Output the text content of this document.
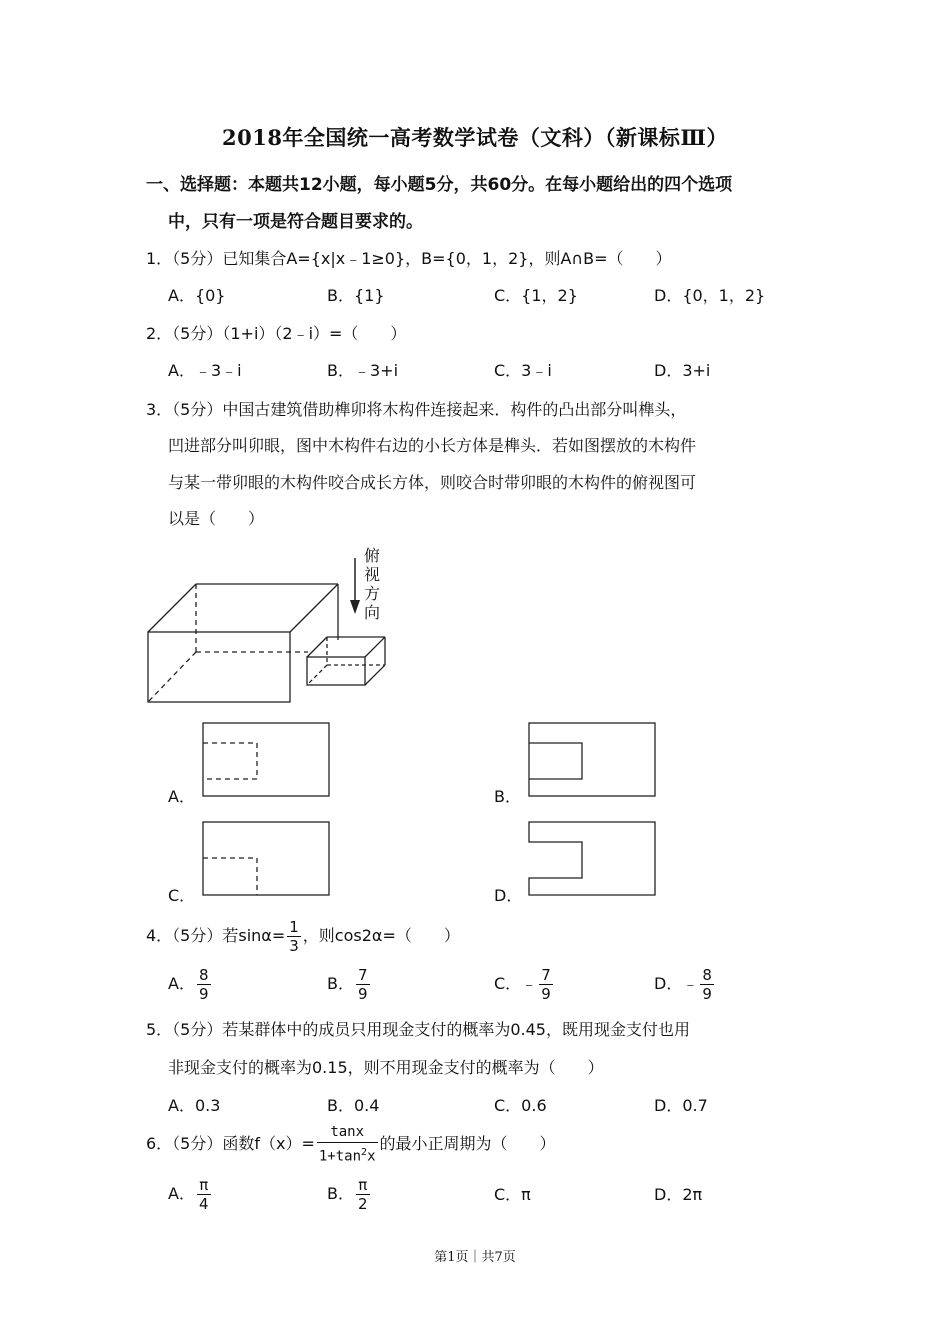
2018年全国统一高考数学试卷（文科）（新课标Ⅲ）
一、选择题：本题共12小题，每小题5分，共60分。在每小题给出的四个选项
中，只有一项是符合题目要求的。
1．（5分）已知集合A={x|x﹣1≥0}，B={0，1，2}，则A∩B=（　　）
A．{0}	B．{1}	C．{1，2}	D．{0，1，2}
2．（5分）（1+i）（2﹣i）=（　　）
A．﹣3﹣i	B．﹣3+i	C．3﹣i	D．3+i
3．（5分）中国古建筑借助榫卯将木构件连接起来．构件的凸出部分叫榫头，
凹进部分叫卯眼，图中木构件右边的小长方体是榫头．若如图摆放的木构件
与某一带卯眼的木构件咬合成长方体，则咬合时带卯眼的木构件的俯视图可
以是（　　）
俯
视
方
向
A．	B．
C．	D．
4．（5分）若$\sin\alpha= \frac{1}{3}$ ，则cos2α=（　　）
A． $\frac{8}{9}$	B． $\frac{7}{9}$	C．﹣ $\frac{7}{9}$	D．﹣ $\frac{8}{9}$
5．（5分）若某群体中的成员只用现金支付的概率为0.45，既用现金支付也用
非现金支付的概率为0.15，则不用现金支付的概率为（　　）
A．0.3	B．0.4	C．0.6	D．0.7
6．（5分）函数$f(x)= \frac{\tan x}{1+\tan^2x}$ 的最小正周期为（　　）
A． $\frac{\pi}{4}$	B． $\frac{\pi}{2}$	C．π	D．2π
第1页｜共7页
